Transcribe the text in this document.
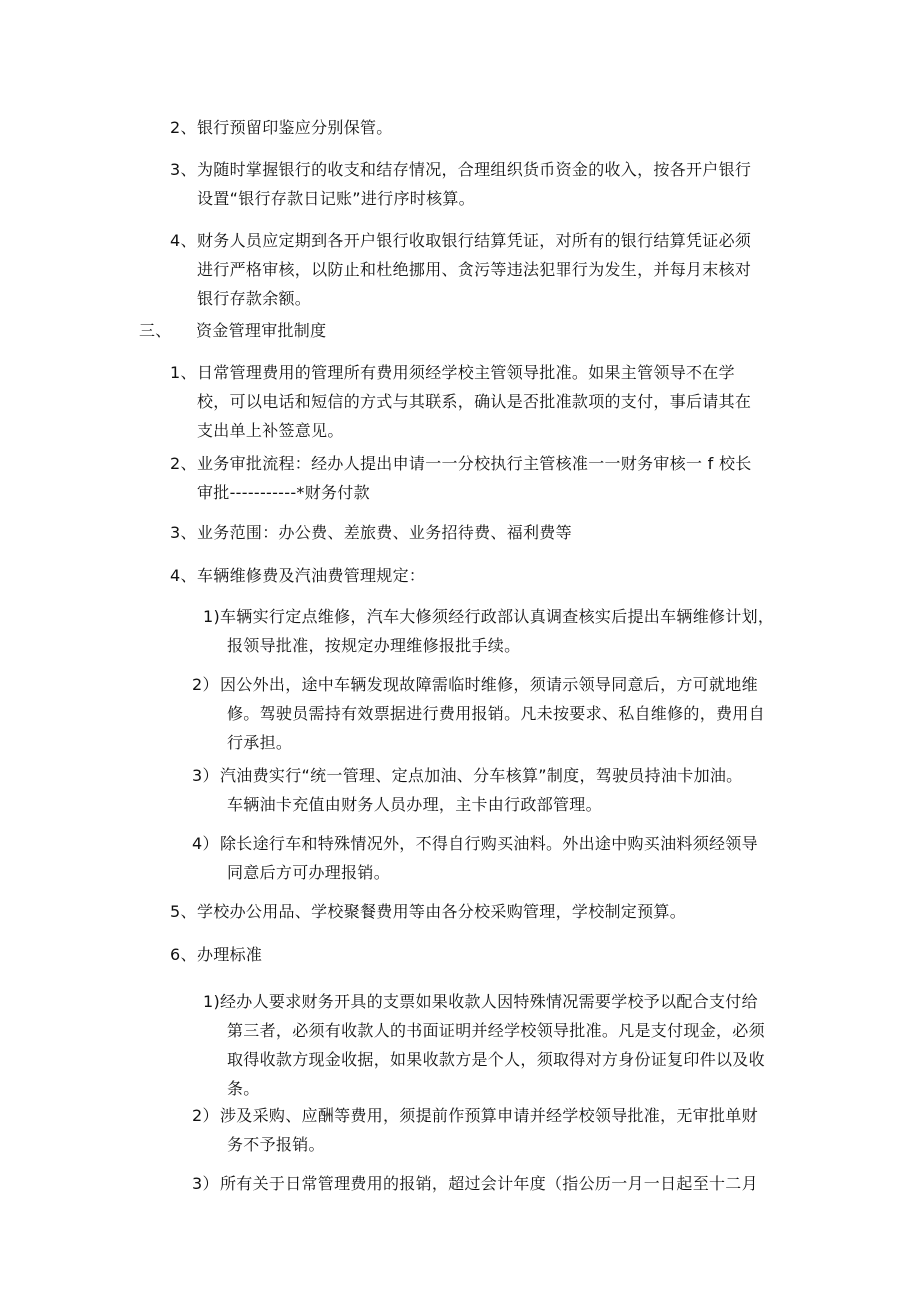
2、银行预留印鉴应分别保管。
3、为随时掌握银行的收支和结存情况，合理组织货币资金的收入，按各开户银行
设置“银行存款日记账”进行序时核算。
4、财务人员应定期到各开户银行收取银行结算凭证，对所有的银行结算凭证必须
进行严格审核，以防止和杜绝挪用、贪污等违法犯罪行为发生，并每月末核对
银行存款余额。
三、 资金管理审批制度
1、日常管理费用的管理所有费用须经学校主管领导批准。如果主管领导不在学
校，可以电话和短信的方式与其联系，确认是否批准款项的支付，事后请其在
支出单上补签意见。
2、业务审批流程：经办人提出申请一一分校执行主管核准一一财务审核一 f 校长
审批-----------*财务付款
3、业务范围：办公费、差旅费、业务招待费、福利费等
4、车辆维修费及汽油费管理规定：
1)车辆实行定点维修，汽车大修须经行政部认真调查核实后提出车辆维修计划，
报领导批准，按规定办理维修报批手续。
2）因公外出，途中车辆发现故障需临时维修，须请示领导同意后，方可就地维
修。驾驶员需持有效票据进行费用报销。凡未按要求、私自维修的，费用自
行承担。
3）汽油费实行“统一管理、定点加油、分车核算”制度，驾驶员持油卡加油。
车辆油卡充值由财务人员办理，主卡由行政部管理。
4）除长途行车和特殊情况外，不得自行购买油料。外出途中购买油料须经领导
同意后方可办理报销。
5、学校办公用品、学校聚餐费用等由各分校采购管理，学校制定预算。
6、办理标准
1)经办人要求财务开具的支票如果收款人因特殊情况需要学校予以配合支付给
第三者，必须有收款人的书面证明并经学校领导批准。凡是支付现金，必须
取得收款方现金收据，如果收款方是个人，须取得对方身份证复印件以及收
条。
2）涉及采购、应酬等费用，须提前作预算申请并经学校领导批准，无审批单财
务不予报销。
3）所有关于日常管理费用的报销，超过会计年度（指公历一月一日起至十二月
